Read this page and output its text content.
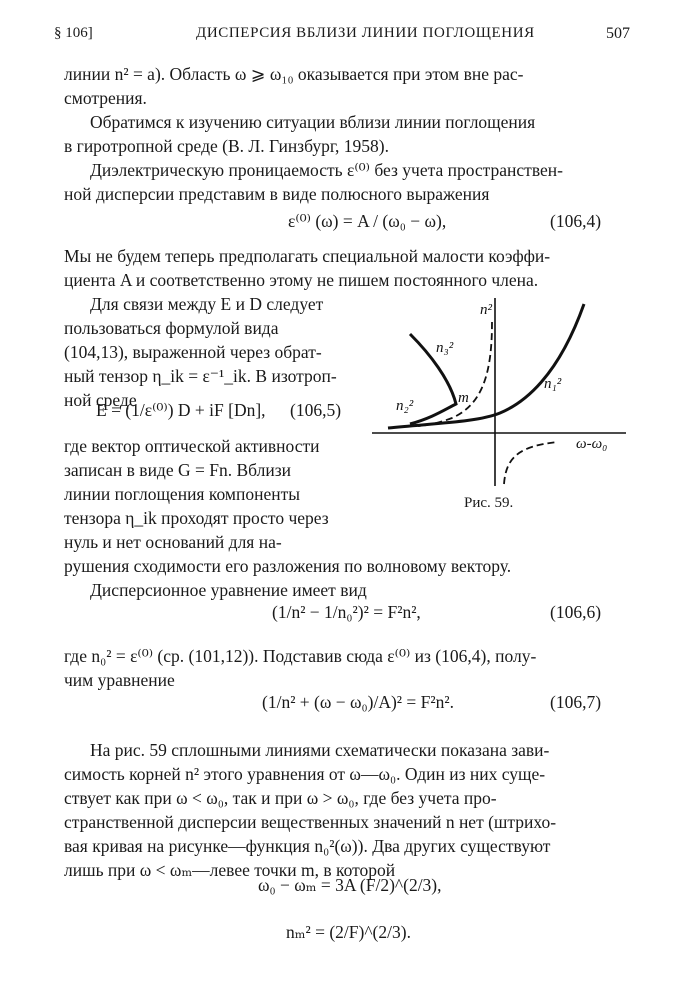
§ 106]	ДИСПЕРСИЯ ВБЛИЗИ ЛИНИИ ПОГЛОЩЕНИЯ	507
линии n² = a). Область ω ⩾ ω₁₀ оказывается при этом вне рас-
смотрения.
Обратимся к изучению ситуации вблизи линии поглощения
в гиротропной среде (В. Л. Гинзбург, 1958).
Диэлектрическую проницаемость ε⁽⁰⁾ без учета пространствен-
ной дисперсии представим в виде полюсного выражения
ε⁽⁰⁾ (ω) = A / (ω₀ − ω),	(106,4)
Мы не будем теперь предполагать специальной малости коэффи-
циента A и соответственно этому не пишем постоянного члена.
Для связи между E и D следует
пользоваться формулой вида
(104,13), выраженной через обрат-
ный тензор η_ik = ε⁻¹_ik. В изотроп-
ной среде
E = (1/ε⁽⁰⁾) D + iF [Dn], (106,5)
где вектор оптической активности
записан в виде G = Fn. Вблизи
линии поглощения компоненты
тензора η_ik проходят просто через
нуль и нет оснований для на-
рушения сходимости его разложения по волновому вектору.
Дисперсионное уравнение имеет вид
(1/n² − 1/n₀²)² = F²n²,	(106,6)
где n₀² = ε⁽⁰⁾ (ср. (101,12)). Подставив сюда ε⁽⁰⁾ из (106,4), полу-
чим уравнение
(1/n² + (ω − ω₀)/A)² = F²n².	(106,7)
На рис. 59 сплошными линиями схематически показана зави-
симость корней n² этого уравнения от ω—ω₀. Один из них суще-
ствует как при ω < ω₀, так и при ω > ω₀, где без учета про-
странственной дисперсии вещественных значений n нет (штрихо-
вая кривая на рисунке—функция n₀²(ω)). Два других существуют
лишь при ω < ωₘ—левее точки m, в которой
ω₀ − ωₘ = 3A (F/2)^(2/3),
nₘ² = (2/F)^(2/3).
n²
n₃²
m
n₂²
n₁²
ω-ω₀
Рис. 59.
